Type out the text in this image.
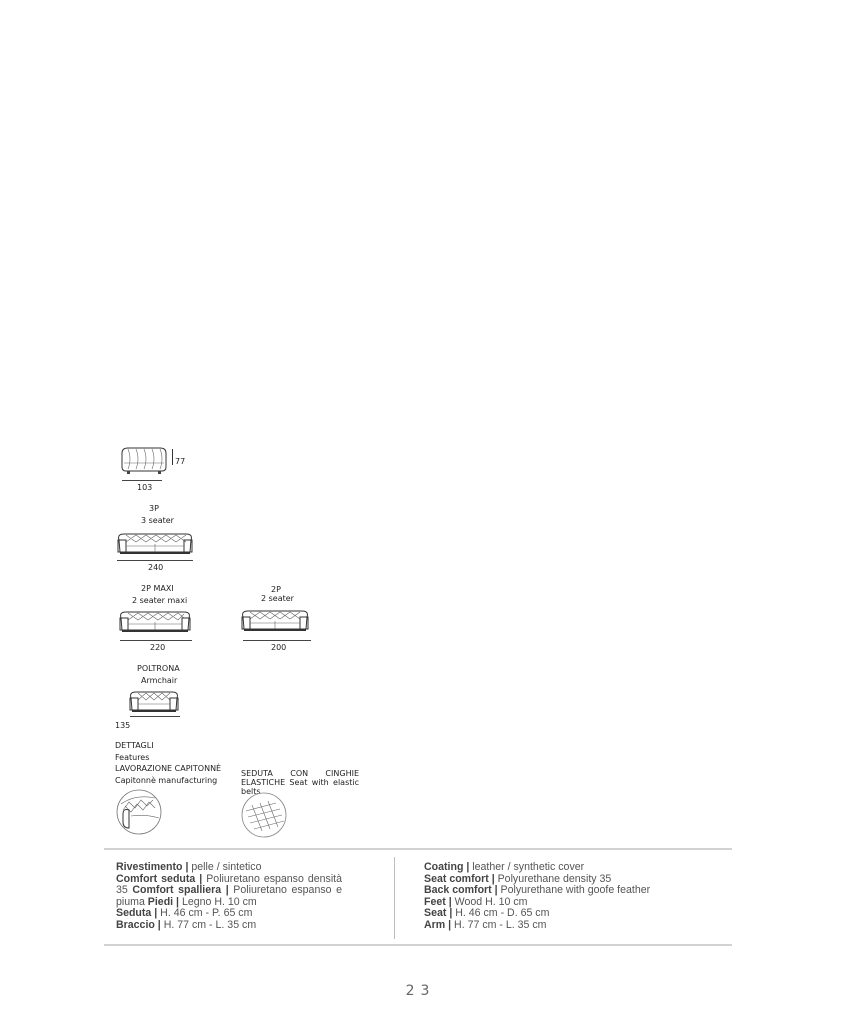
77
103
3P
3 seater
240
2P MAXI
2 seater maxi
220
2P
2 seater
200
POLTRONA
Armchair
135
DETTAGLI
Features
LAVORAZIONE CAPITONNÈ
Capitonnè manufacturing
SEDUTA CON CINGHIE
ELASTICHE Seat with elastic
belts
Rivestimento | pelle / sintetico
Comfort seduta | Poliuretano espanso densità 35 Comfort spalliera | Poliuretano espanso e piuma Piedi | Legno H. 10 cm
Seduta | H. 46 cm - P. 65 cm
Braccio | H. 77 cm - L. 35 cm
Coating | leather / synthetic cover
Seat comfort | Polyurethane density 35
Back comfort | Polyurethane with goofe feather
Feet | Wood H. 10 cm
Seat | H. 46 cm - D. 65 cm
Arm | H. 77 cm - L. 35 cm
23
